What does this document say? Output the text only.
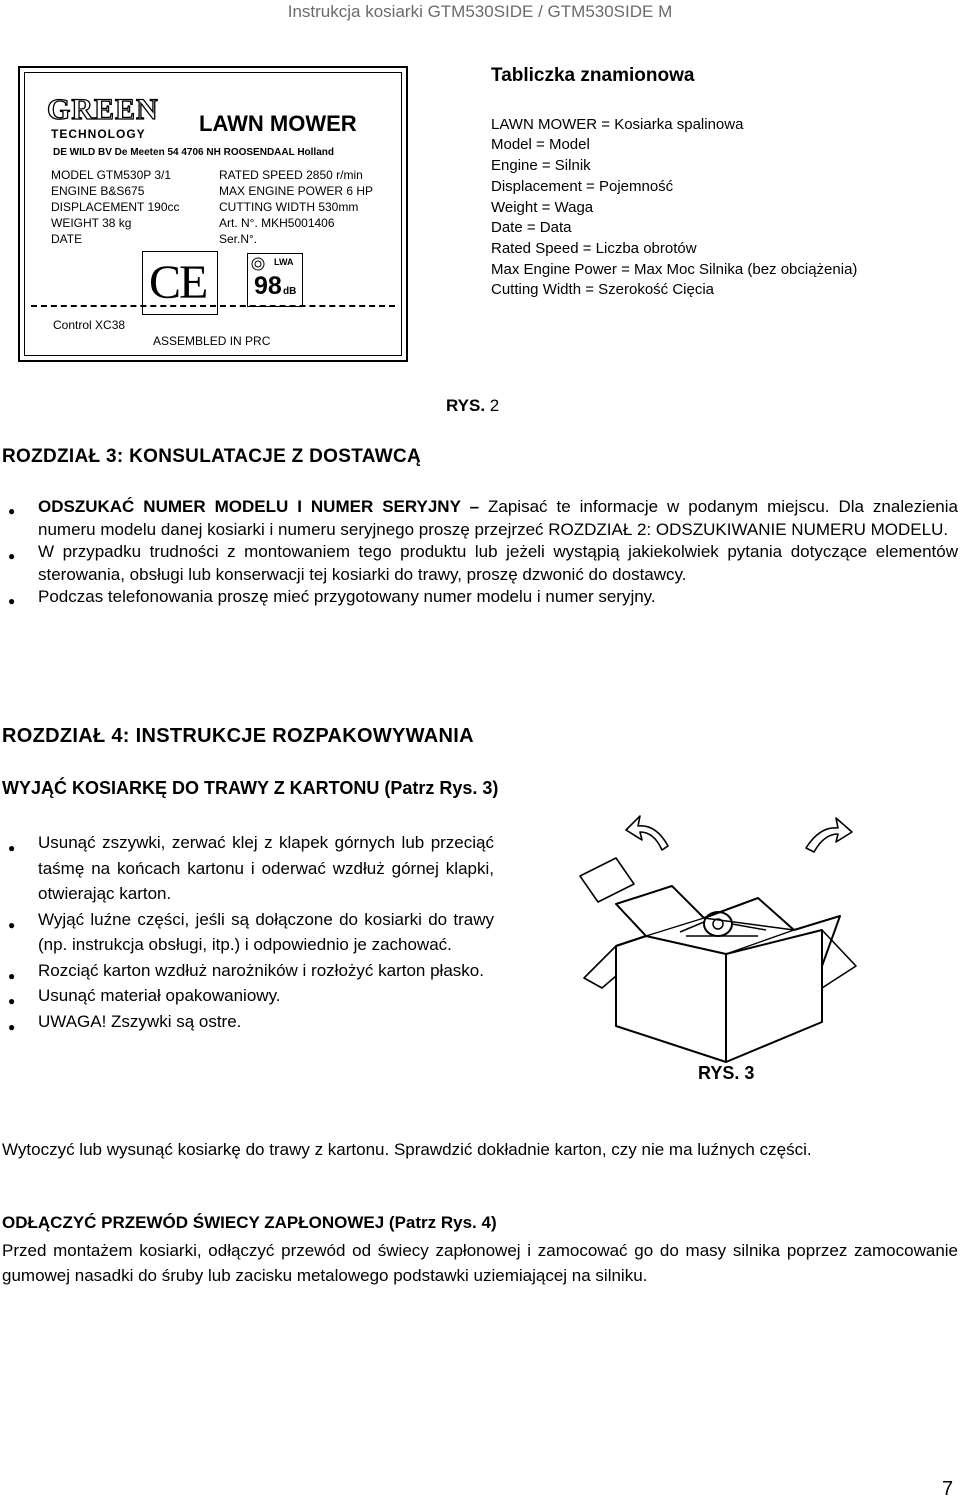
Instrukcja kosiarki GTM530SIDE / GTM530SIDE M
GREEN
TECHNOLOGY LAWN MOWER
DE WILD BV De Meeten 54 4706 NH ROOSENDAAL Holland
MODEL GTM530P 3/1
ENGINE B&S675
DISPLACEMENT 190cc
WEIGHT 38 kg
DATE
RATED SPEED 2850 r/min
MAX ENGINE POWER 6 HP
CUTTING WIDTH 530mm
Art. N°. MKH5001406
Ser.N°.
CE	LWA
98 dB
Control XC38
ASSEMBLED IN PRC
Tabliczka znamionowa
LAWN MOWER = Kosiarka spalinowa
Model = Model
Engine = Silnik
Displacement = Pojemność
Weight = Waga
Date = Data
Rated Speed = Liczba obrotów
Max Engine Power = Max Moc Silnika (bez obciążenia)
Cutting Width = Szerokość Cięcia
RYS. 2
ROZDZIAŁ 3: KONSULATACJE Z DOSTAWCĄ
● ODSZUKAĆ NUMER MODELU I NUMER SERYJNY – Zapisać te informacje w podanym miejscu. Dla znalezienia numeru modelu danej kosiarki i numeru seryjnego proszę przejrzeć ROZDZIAŁ 2: ODSZUKIWANIE NUMERU MODELU.
● W przypadku trudności z montowaniem tego produktu lub jeżeli wystąpią jakiekolwiek pytania dotyczące elementów sterowania, obsługi lub konserwacji tej kosiarki do trawy, proszę dzwonić do dostawcy.
● Podczas telefonowania proszę mieć przygotowany numer modelu i numer seryjny.
ROZDZIAŁ 4: INSTRUKCJE ROZPAKOWYWANIA
WYJĄĆ KOSIARKĘ DO TRAWY Z KARTONU (Patrz Rys. 3)
● Usunąć zszywki, zerwać klej z klapek górnych lub przeciąć taśmę na końcach kartonu i oderwać wzdłuż górnej klapki, otwierając karton.
● Wyjąć luźne części, jeśli są dołączone do kosiarki do trawy (np. instrukcja obsługi, itp.) i odpowiednio je zachować.
● Rozciąć karton wzdłuż narożników i rozłożyć karton płasko.
● Usunąć materiał opakowaniowy.
● UWAGA! Zszywki są ostre.
RYS. 3
Wytoczyć lub wysunąć kosiarkę do trawy z kartonu. Sprawdzić dokładnie karton, czy nie ma luźnych części.
ODŁĄCZYĆ PRZEWÓD ŚWIECY ZAPŁONOWEJ (Patrz Rys. 4)
Przed montażem kosiarki, odłączyć przewód od świecy zapłonowej i zamocować go do masy silnika poprzez zamocowanie gumowej nasadki do śruby lub zacisku metalowego podstawki uziemiającej na silniku.
7
